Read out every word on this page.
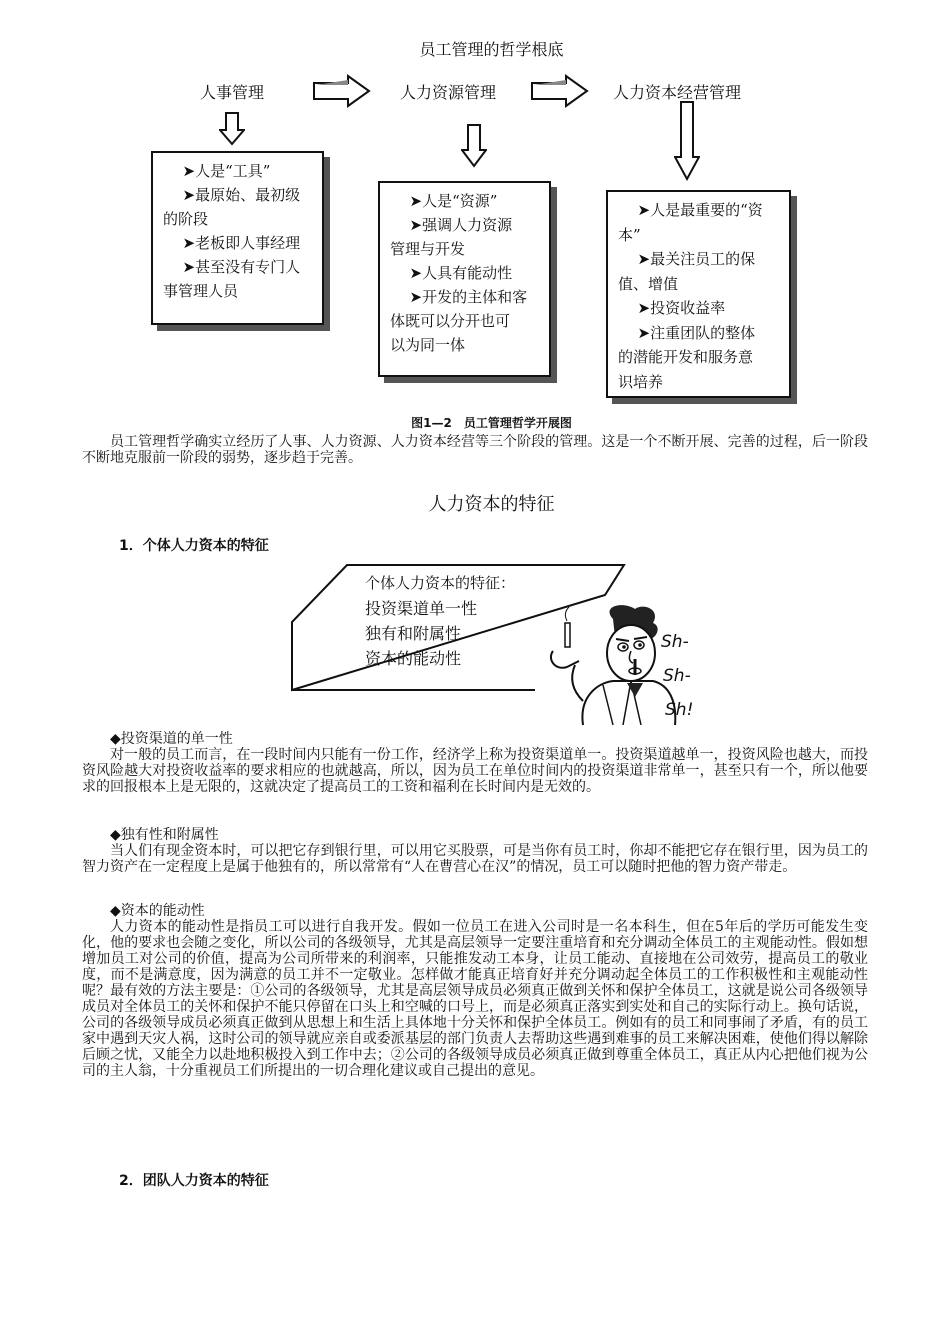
员工管理的哲学根底
人事管理	人力资源管理	人力资本经营管理
➤人是“工具”
➤最原始、最初级
的阶段
➤老板即人事经理
➤甚至没有专门人
事管理人员
➤人是“资源”
➤强调人力资源
管理与开发
➤人具有能动性
➤开发的主体和客
体既可以分开也可
以为同一体
➤人是最重要的“资
本”
➤最关注员工的保
值、增值
➤投资收益率
➤注重团队的整体
的潜能开发和服务意
识培养
图1—2　员工管理哲学开展图
员工管理哲学确实立经历了人事、人力资源、人力资本经营等三个阶段的管理。这是一个不断开展、完善的过程，后一阶段不断地克服前一阶段的弱势，逐步趋于完善。
人力资本的特征
1．个体人力资本的特征
个体人力资本的特征：
投资渠道单一性
独有和附属性
资本的能动性
Sh-
Sh-
Sh!
◆投资渠道的单一性
对一般的员工而言，在一段时间内只能有一份工作，经济学上称为投资渠道单一。投资渠道越单一，投资风险也越大，而投资风险越大对投资收益率的要求相应的也就越高，所以，因为员工在单位时间内的投资渠道非常单一，甚至只有一个，所以他要求的回报根本上是无限的，这就决定了提高员工的工资和福利在长时间内是无效的。
◆独有性和附属性
当人们有现金资本时，可以把它存到银行里，可以用它买股票，可是当你有员工时，你却不能把它存在银行里，因为员工的智力资产在一定程度上是属于他独有的，所以常常有“人在曹营心在汉”的情况，员工可以随时把他的智力资产带走。
◆资本的能动性
人力资本的能动性是指员工可以进行自我开发。假如一位员工在进入公司时是一名本科生，但在5年后的学历可能发生变化，他的要求也会随之变化，所以公司的各级领导，尤其是高层领导一定要注重培育和充分调动全体员工的主观能动性。假如想增加员工对公司的价值，提高为公司所带来的利润率，只能推发动工本身，让员工能动、直接地在公司效劳，提高员工的敬业度，而不是满意度，因为满意的员工并不一定敬业。怎样做才能真正培育好并充分调动起全体员工的工作积极性和主观能动性呢？最有效的方法主要是：①公司的各级领导，尤其是高层领导成员必须真正做到关怀和保护全体员工，这就是说公司各级领导成员对全体员工的关怀和保护不能只停留在口头上和空喊的口号上，而是必须真正落实到实处和自己的实际行动上。换句话说，公司的各级领导成员必须真正做到从思想上和生活上具体地十分关怀和保护全体员工。例如有的员工和同事闹了矛盾，有的员工家中遇到天灾人祸，这时公司的领导就应亲自或委派基层的部门负责人去帮助这些遇到难事的员工来解决困难，使他们得以解除后顾之忧，又能全力以赴地积极投入到工作中去；②公司的各级领导成员必须真正做到尊重全体员工，真正从内心把他们视为公司的主人翁，十分重视员工们所提出的一切合理化建议或自己提出的意见。
2．团队人力资本的特征
